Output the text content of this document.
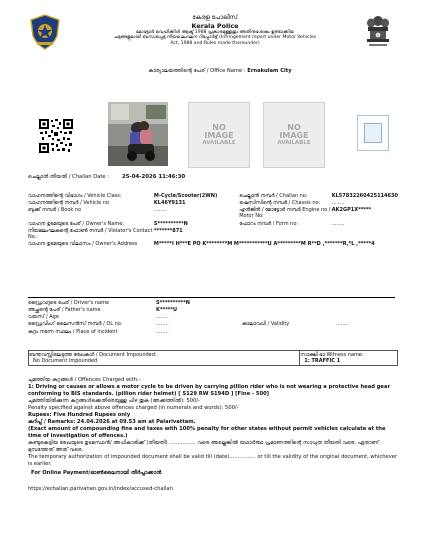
കേരള പോലീസ്
Kerala Police
മോട്ടോർ വെഹിക്കിൾ ആക്ട് 1988 പ്രകാരമുള്ളതും അതിനുശേഷം ഉണ്ടാക്കിയ
ചട്ടങ്ങളുമായി ബന്ധപ്പെട്ട നിയമ ലംഘന റിപ്പോർട്ട് (Infringement report under Motor Vehicles
Act, 1988 and Rules made thereunder)
കാര്യാലയത്തിന്റെ പേര് / Office Name : Ernakulam City
NO
IMAGE
AVAILABLE
NO
IMAGE
AVAILABLE
ചെല്ലാൻ തീയതി / Challan Date :	25-04-2026 11:46:30
വാഹനത്തിന്റെ വിഭാഗം / Vehicle Class:	M-Cycle/Scooter(2WN)	ചെല്ലാൻ നമ്പർ / Challan no:	KL57832260425114630
വാഹനത്തിന്റെ നമ്പർ / Vehicle no	KL46Y9131	ഷെസിസിന്റെ നമ്പർ / Chassis no:	........
ബുക്ക് നമ്പർ / Book no	........	എൻജിൻ / മോട്ടോർ നമ്പർ Engine no / Motor No:	AK2GP1X*****
വാഹന ഉടമയുടെ പേര് / Owner's Name:	S**********N	ഫോറം നമ്പർ / Form no:	........
നിയമലംഘകന്റെ ഫോൺ നമ്പർ / Violator's Contact No.:	*******871		
വാഹന ഉടമയുടെ വിലാസം / Owner's Address	M*****I H***E PO K********M M***********U A*********M R**D ,*******R,*L ,*****4		
ഡ്രൈവറുടെ പേര് / Driver's name	S**********N		
അച്ഛന്റെ പേര് / Father's name	K*****U		
വയസ് / Age	........		
ഡ്രൈവിംഗ് ലൈസൻസ് നമ്പർ / DL no.	........	കാലാവധി / Validity	........
കുറ്റം നടന്ന സ്ഥലം / Place of incident	........		
ബന്തവസ്സിലെടുത്ത രേഖകൾ / Document Impounded:
No Document Impounded

സാക്ഷി ഭാ Witness name:
1: TRAFFIC 1
ചുമത്തിയ കുറ്റങ്ങൾ / Offences Charged with:-
1: Driving or causes or allows a motor cycle to be driven by carrying pillion rider who is not wearing a protective head gear conforming to BIS standards. (pillion rider helmet) [ S129 RW S194D ] [Fine - 500]
ചുമത്തിയിരിക്കുന്ന കുറ്റങ്ങൾക്കെതിരെയുള്ള പിഴ തുക (അക്കത്തിൽ): 500/-
Penalty specified against above offences charged (in numerals and words): 500/-
Rupees: Five Hundred Rupees only
കുറിപ്പ് / Remarks: 24.04.2026 at 09.53 am at Palarivattam.
(Exact amount of compounding fine and taxes with 100% penalty for other states without permit vehicles calculate at the time of investigation of offences.)
കണ്ടുകെട്ടിയ രേഖയുടെ ഉടമസ്ഥൻ/ അധികാരിക്ക് (തീയതി) ................ വരെ അല്ലെങ്കിൽ യഥാർത്ഥ പ്രമാണത്തിന്റെ സാധുത തീയതി വരെ, ഏതാണ് മുമ്പത്തേത് അത് വരെ.
The temporary authorization of impounded document shall be valid till (date)................ or till the validity of the original document, whichever is earlier.
For Online Payment/ഓൺലൈനായി തീർപ്പാക്കാൻ
https://echallan.parivahan.gov.in/index/accused-challan
